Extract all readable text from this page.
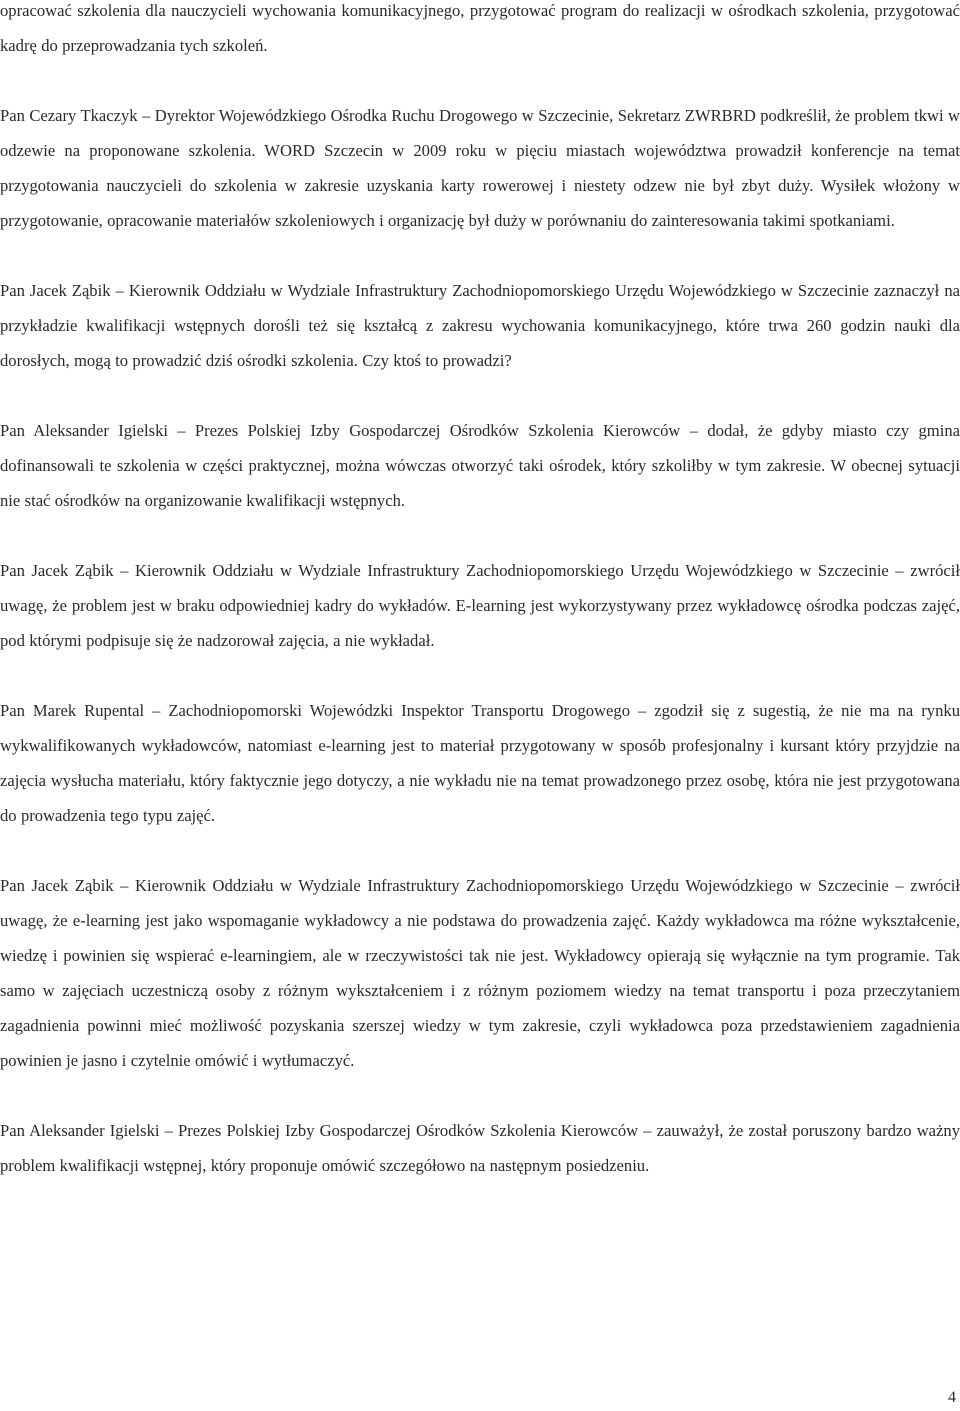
opracować szkolenia dla nauczycieli wychowania komunikacyjnego, przygotować program do realizacji w ośrodkach szkolenia, przygotować kadrę do przeprowadzania tych szkoleń.

Pan Cezary Tkaczyk – Dyrektor Wojewódzkiego Ośrodka Ruchu Drogowego w Szczecinie, Sekretarz ZWRBRD podkreślił, że problem tkwi w odzewie na proponowane szkolenia. WORD Szczecin w 2009 roku w pięciu miastach województwa prowadził konferencje na temat przygotowania nauczycieli do szkolenia w zakresie uzyskania karty rowerowej i niestety odzew nie był zbyt duży. Wysiłek włożony w przygotowanie, opracowanie materiałów szkoleniowych i organizację był duży w porównaniu do zainteresowania takimi spotkaniami.

Pan Jacek Ząbik – Kierownik Oddziału w Wydziale Infrastruktury Zachodniopomorskiego Urzędu Wojewódzkiego w Szczecinie zaznaczył na przykładzie kwalifikacji wstępnych dorośli też się kształcą z zakresu wychowania komunikacyjnego, które trwa 260 godzin nauki dla dorosłych, mogą to prowadzić dziś ośrodki szkolenia. Czy ktoś to prowadzi?

Pan Aleksander Igielski – Prezes Polskiej Izby Gospodarczej Ośrodków Szkolenia Kierowców – dodał, że gdyby miasto czy gmina dofinansowali te szkolenia w części praktycznej, można wówczas otworzyć taki ośrodek, który szkoliłby w tym zakresie. W obecnej sytuacji nie stać ośrodków na organizowanie kwalifikacji wstępnych.

Pan Jacek Ząbik – Kierownik Oddziału w Wydziale Infrastruktury Zachodniopomorskiego Urzędu Wojewódzkiego w Szczecinie – zwrócił uwagę, że problem jest w braku odpowiedniej kadry do wykładów. E-learning jest wykorzystywany przez wykładowcę ośrodka podczas zajęć, pod którymi podpisuje się że nadzorował zajęcia, a nie wykładał.

Pan Marek Rupental – Zachodniopomorski Wojewódzki Inspektor Transportu Drogowego – zgodził się z sugestią, że nie ma na rynku wykwalifikowanych wykładowców, natomiast e-learning jest to materiał przygotowany w sposób profesjonalny i kursant który przyjdzie na zajęcia wysłucha materiału, który faktycznie jego dotyczy, a nie wykładu nie na temat prowadzonego przez osobę, która nie jest przygotowana do prowadzenia tego typu zajęć.

Pan Jacek Ząbik – Kierownik Oddziału w Wydziale Infrastruktury Zachodniopomorskiego Urzędu Wojewódzkiego w Szczecinie – zwrócił uwagę, że e-learning jest jako wspomaganie wykładowcy a nie podstawa do prowadzenia zajęć. Każdy wykładowca ma różne wykształcenie, wiedzę i powinien się wspierać e-learningiem, ale w rzeczywistości tak nie jest. Wykładowcy opierają się wyłącznie na tym programie. Tak samo w zajęciach uczestniczą osoby z różnym wykształceniem i z różnym poziomem wiedzy na temat transportu i poza przeczytaniem zagadnienia powinni mieć możliwość pozyskania szerszej wiedzy w tym zakresie, czyli wykładowca poza przedstawieniem zagadnienia powinien je jasno i czytelnie omówić i wytłumaczyć.

Pan Aleksander Igielski – Prezes Polskiej Izby Gospodarczej Ośrodków Szkolenia Kierowców – zauważył, że został poruszony bardzo ważny problem kwalifikacji wstępnej, który proponuje omówić szczegółowo na następnym posiedzeniu.

4
